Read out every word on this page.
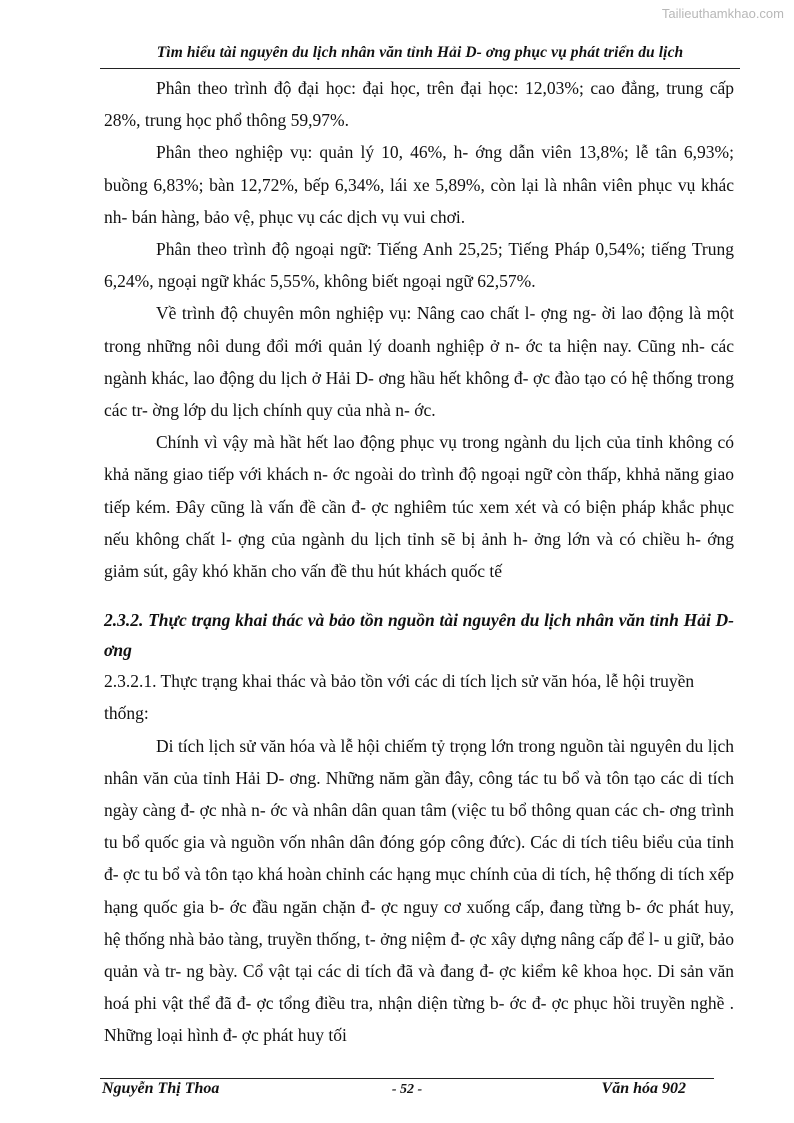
Tailieuthamkhao.com
Tìm hiểu tài nguyên du lịch nhân văn tỉnh Hải D- ơng phục vụ phát triển du lịch

Phân theo trình độ đại học: đại học, trên đại học: 12,03%; cao đẳng, trung cấp 28%, trung học phổ thông 59,97%.

Phân theo nghiệp vụ: quản lý 10, 46%, h- ớng dẫn viên 13,8%; lễ tân 6,93%; buồng 6,83%; bàn 12,72%, bếp 6,34%, lái xe 5,89%, còn lại là nhân viên phục vụ khác nh- bán hàng, bảo vệ, phục vụ các dịch vụ vui chơi.

Phân theo trình độ ngoại ngữ: Tiếng Anh 25,25; Tiếng Pháp 0,54%; tiếng Trung 6,24%, ngoại ngữ khác 5,55%, không biết ngoại ngữ 62,57%.

Về trình độ chuyên môn nghiệp vụ: Nâng cao chất l- ợng ng- ời lao động là một trong những nôi dung đổi mới quản lý doanh nghiệp ở n- ớc ta hiện nay. Cũng nh- các ngành khác, lao động du lịch ở Hải D- ơng hầu hết không đ- ợc đào tạo có hệ thống trong các tr- ờng lớp du lịch chính quy của nhà n- ớc.

Chính vì vậy mà hầt hết lao động phục vụ trong ngành du lịch của tỉnh không có khả năng giao tiếp với khách n- ớc ngoài do trình độ ngoại ngữ còn thấp, khhả năng giao tiếp kém. Đây cũng là vấn đề cần đ- ợc nghiêm túc xem xét và có biện pháp khắc phục nếu không chất l- ợng của ngành du lịch tỉnh sẽ bị ảnh h- ởng lớn và có chiều h- ớng giảm sút, gây khó khăn cho vấn đề thu hút khách quốc tế

2.3.2. Thực trạng khai thác và bảo tồn nguồn tài nguyên du lịch nhân văn tỉnh Hải D- ơng

2.3.2.1. Thực trạng khai thác và bảo tồn với các di tích lịch sử văn hóa, lễ hội truyền thống:

Di tích lịch sử văn hóa và lễ hội chiếm tỷ trọng lớn trong nguồn tài nguyên du lịch nhân văn của tỉnh Hải D- ơng. Những năm gần đây, công tác tu bổ và tôn tạo các di tích ngày càng đ- ợc nhà n- ớc và nhân dân quan tâm (việc tu bổ thông quan các ch- ơng trình tu bổ quốc gia và nguồn vốn nhân dân đóng góp công đức). Các di tích tiêu biểu của tỉnh đ- ợc tu bổ và tôn tạo khá hoàn chỉnh các hạng mục chính của di tích, hệ thống di tích xếp hạng quốc gia b- ớc đầu ngăn chặn đ- ợc nguy cơ xuống cấp, đang từng b- ớc phát huy, hệ thống nhà bảo tàng, truyền thống, t- ởng niệm đ- ợc xây dựng nâng cấp để l- u giữ, bảo quản và tr- ng bày. Cổ vật tại các di tích đã và đang đ- ợc kiểm kê khoa học. Di sản văn hoá phi vật thể đã đ- ợc tổng điều tra, nhận diện từng b- ớc đ- ợc phục hồi truyền nghề . Những loại hình đ- ợc phát huy tối

Nguyễn Thị Thoa	- 52 -	Văn hóa 902
